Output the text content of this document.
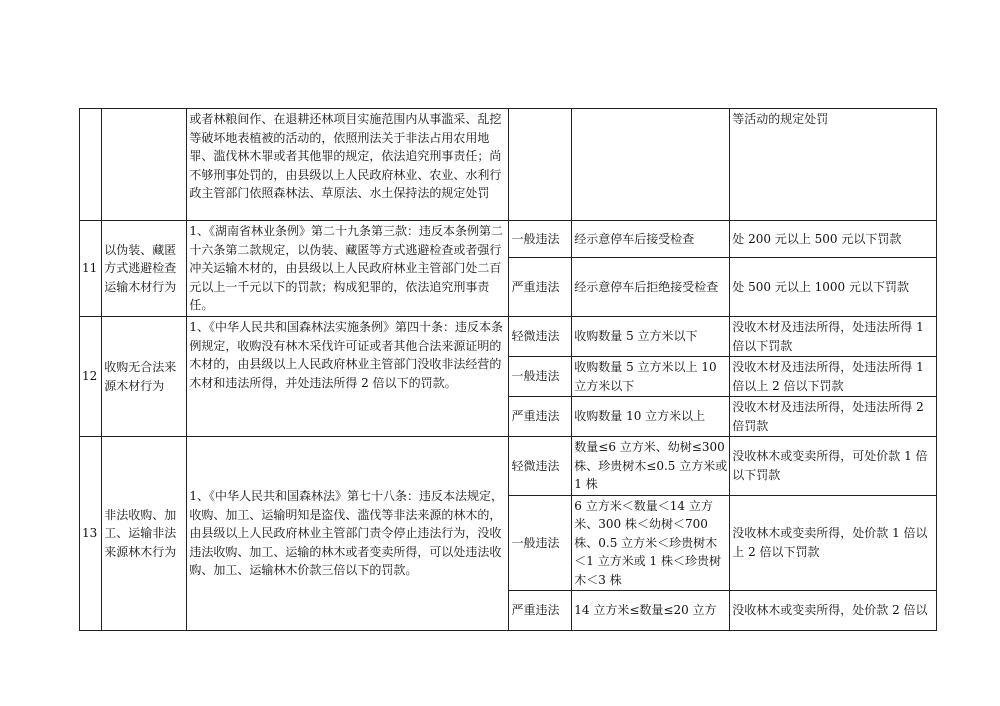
		或者林粮间作、在退耕还林项目实施范围内从事滥采、乱挖等破坏地表植被的活动的，依照刑法关于非法占用农用地罪、滥伐林木罪或者其他罪的规定，依法追究刑事责任；尚不够刑事处罚的，由县级以上人民政府林业、农业、水利行政主管部门依照森林法、草原法、水土保持法的规定处罚			等活动的规定处罚
11	以伪装、藏匿方式逃避检查运输木材行为	1、《湖南省林业条例》第二十九条第三款：违反本条例第二十六条第二款规定，以伪装、藏匿等方式逃避检查或者强行冲关运输木材的，由县级以上人民政府林业主管部门处二百元以上一千元以下的罚款；构成犯罪的，依法追究刑事责任。	一般违法	经示意停车后接受检查	处 200 元以上 500 元以下罚款
			严重违法	经示意停车后拒绝接受检查	处 500 元以上 1000 元以下罚款
12	收购无合法来源木材行为	1、《中华人民共和国森林法实施条例》第四十条：违反本条例规定，收购没有林木采伐许可证或者其他合法来源证明的木材的，由县级以上人民政府林业主管部门没收非法经营的木材和违法所得，并处违法所得 2 倍以下的罚款。	轻微违法	收购数量 5 立方米以下	没收木材及违法所得，处违法所得 1 倍以下罚款
			一般违法	收购数量 5 立方米以上 10 立方米以下	没收木材及违法所得，处违法所得 1 倍以上 2 倍以下罚款
			严重违法	收购数量 10 立方米以上	没收木材及违法所得，处违法所得 2 倍罚款
13	非法收购、加工、运输非法来源林木行为	1、《中华人民共和国森林法》第七十八条：违反本法规定，收购、加工、运输明知是盗伐、滥伐等非法来源的林木的，由县级以上人民政府林业主管部门责令停止违法行为，没收违法收购、加工、运输的林木或者变卖所得，可以处违法收购、加工、运输林木价款三倍以下的罚款。	轻微违法	数量≤6 立方米、幼树≤300 株、珍贵树木≤0.5 立方米或 1 株	没收林木或变卖所得，可处价款 1 倍以下罚款
			一般违法	6 立方米＜数量＜14 立方米、300 株＜幼树＜700 株、0.5 立方米＜珍贵树木＜1 立方米或 1 株＜珍贵树木＜3 株	没收林木或变卖所得，处价款 1 倍以上 2 倍以下罚款
			严重违法	14 立方米≤数量≤20 立方	没收林木或变卖所得，处价款 2 倍以
